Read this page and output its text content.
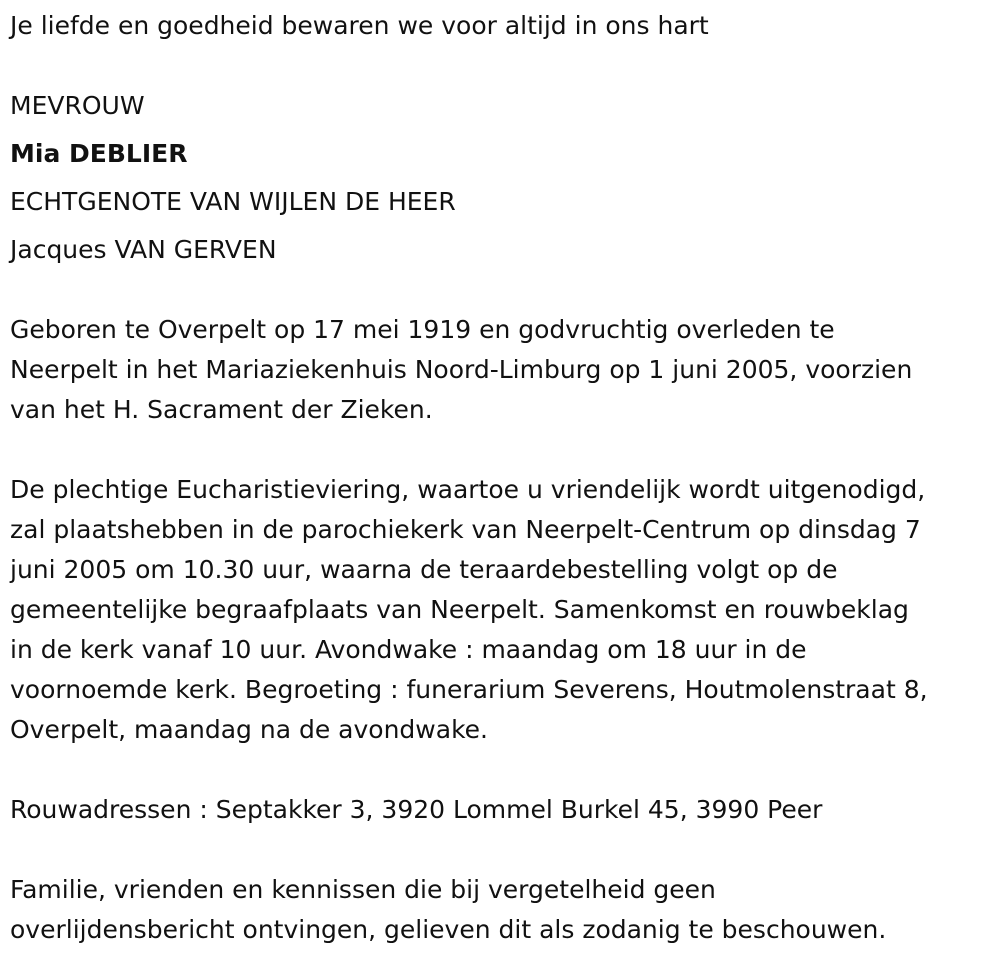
Je liefde en goedheid bewaren we voor altijd in ons hart

MEVROUW

Mia DEBLIER

ECHTGENOTE VAN WIJLEN DE HEER

Jacques VAN GERVEN

Geboren te Overpelt op 17 mei 1919 en godvruchtig overleden te

Neerpelt in het Mariaziekenhuis Noord-Limburg op 1 juni 2005, voorzien

van het H. Sacrament der Zieken.

De plechtige Eucharistieviering, waartoe u vriendelijk wordt uitgenodigd,

zal plaatshebben in de parochiekerk van Neerpelt-Centrum op dinsdag 7

juni 2005 om 10.30 uur, waarna de teraardebestelling volgt op de

gemeentelijke begraafplaats van Neerpelt. Samenkomst en rouwbeklag

in de kerk vanaf 10 uur. Avondwake : maandag om 18 uur in de

voornoemde kerk. Begroeting : funerarium Severens, Houtmolenstraat 8,

Overpelt, maandag na de avondwake.

Rouwadressen : Septakker 3, 3920 Lommel Burkel 45, 3990 Peer

Familie, vrienden en kennissen die bij vergetelheid geen

overlijdensbericht ontvingen, gelieven dit als zodanig te beschouwen.
